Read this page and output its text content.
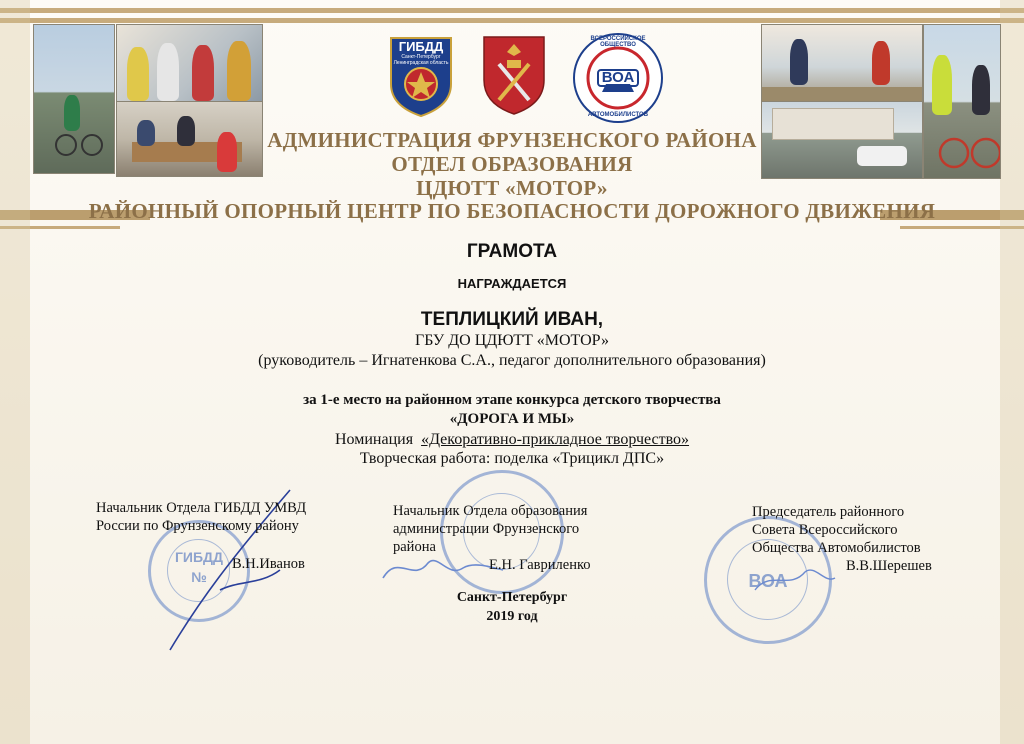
ГИБДД
Санкт-Петербург
Ленинградская область
ВОА
ВСЕРОССИЙСКОЕ ОБЩЕСТВО
АВТОМОБИЛИСТОВ
АДМИНИСТРАЦИЯ ФРУНЗЕНСКОГО РАЙОНА
ОТДЕЛ ОБРАЗОВАНИЯ
ЦДЮТТ «МОТОР»
РАЙОННЫЙ ОПОРНЫЙ ЦЕНТР ПО БЕЗОПАСНОСТИ ДОРОЖНОГО ДВИЖЕНИЯ
ГРАМОТА
НАГРАЖДАЕТСЯ
ТЕПЛИЦКИЙ ИВАН,
ГБУ ДО ЦДЮТТ «МОТОР»
(руководитель – Игнатенкова С.А., педагог дополнительного образования)
за 1-е место на районном этапе конкурса детского творчества
«ДОРОГА И МЫ»
Номинация «Декоративно-прикладное творчество»
Творческая работа: поделка «Трицикл ДПС»
ГИБДД
№	ВОА
Начальник Отдела ГИБДД УМВД
России по Фрунзенскому району
В.Н.Иванов
Начальник Отдела образования
администрации Фрунзенского
района
Е.Н. Гавриленко
Председатель районного
Совета Всероссийского
Общества Автомобилистов
В.В.Шерешев
Санкт-Петербург
2019 год
